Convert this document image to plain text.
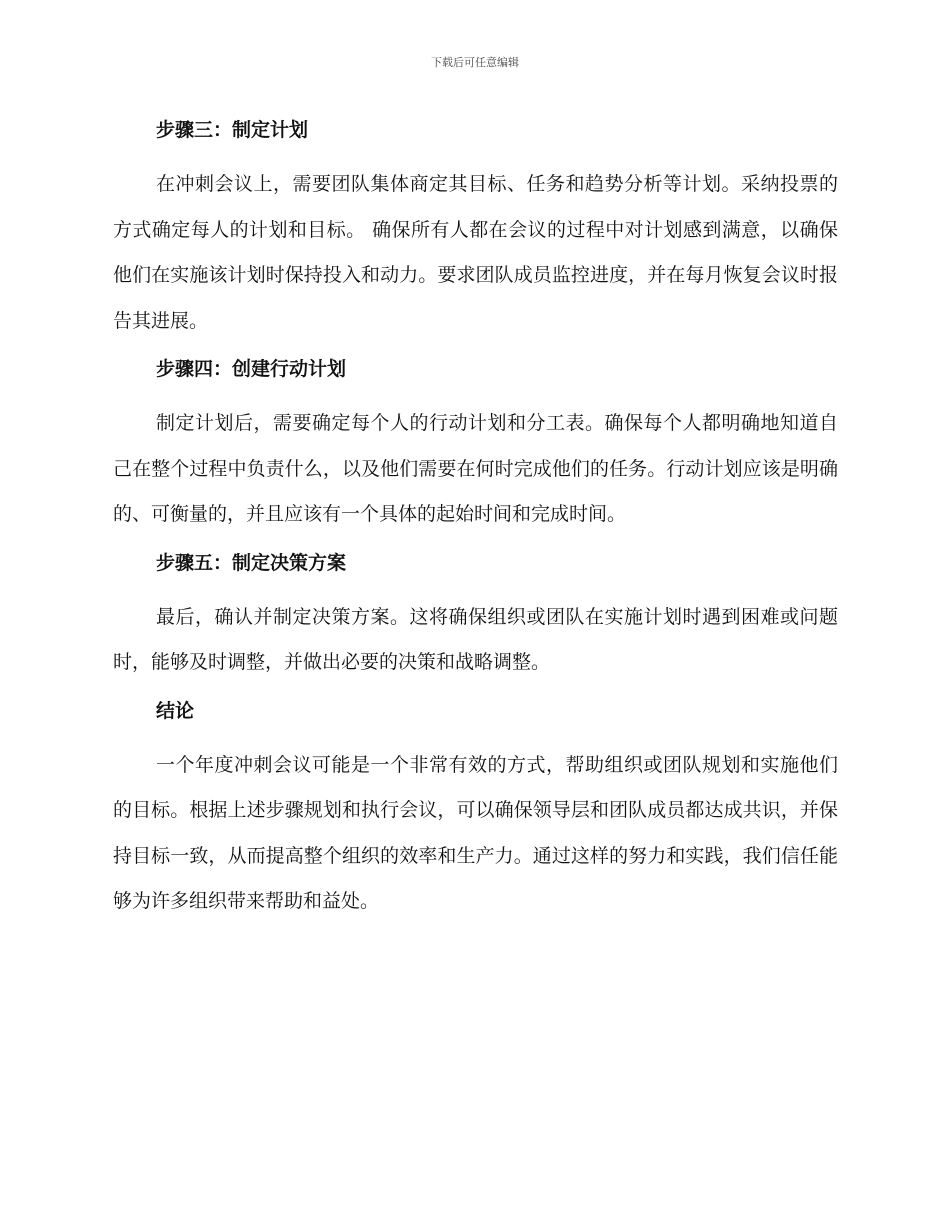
下载后可任意编辑
步骤三：制定计划

在冲刺会议上，需要团队集体商定其目标、任务和趋势分析等计划。采纳投票的方式确定每人的计划和目标。 确保所有人都在会议的过程中对计划感到满意，以确保他们在实施该计划时保持投入和动力。要求团队成员监控进度，并在每月恢复会议时报告其进展。

步骤四：创建行动计划

制定计划后，需要确定每个人的行动计划和分工表。确保每个人都明确地知道自己在整个过程中负责什么，以及他们需要在何时完成他们的任务。行动计划应该是明确的、可衡量的，并且应该有一个具体的起始时间和完成时间。

步骤五：制定决策方案

最后，确认并制定决策方案。这将确保组织或团队在实施计划时遇到困难或问题时，能够及时调整，并做出必要的决策和战略调整。

结论

一个年度冲刺会议可能是一个非常有效的方式，帮助组织或团队规划和实施他们的目标。根据上述步骤规划和执行会议，可以确保领导层和团队成员都达成共识，并保持目标一致，从而提高整个组织的效率和生产力。通过这样的努力和实践，我们信任能够为许多组织带来帮助和益处。
